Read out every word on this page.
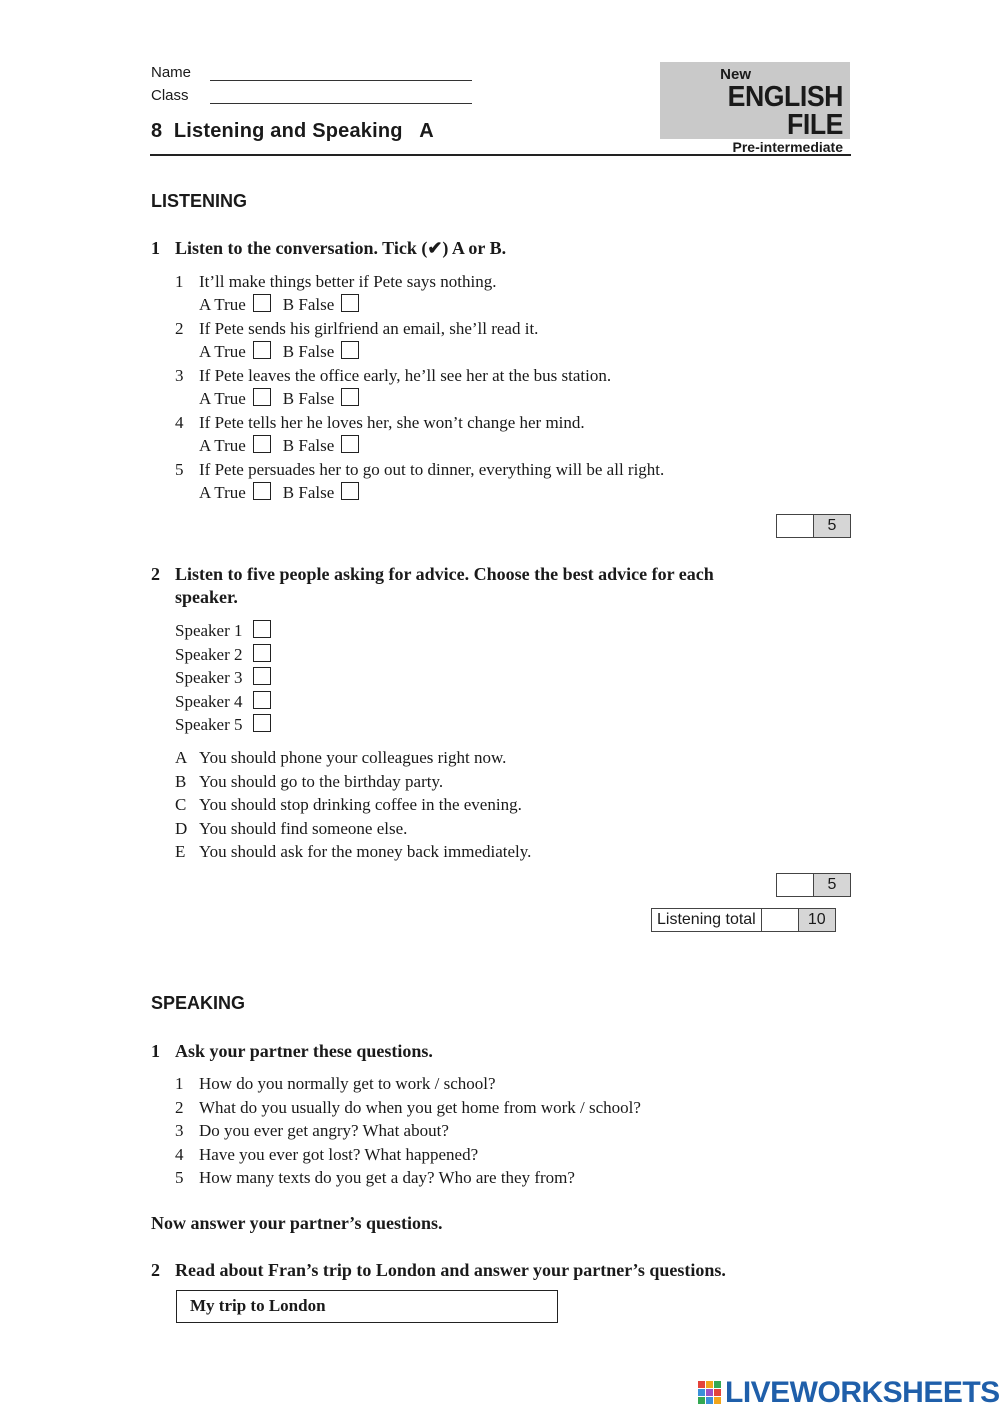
Name
Class
8  Listening and Speaking   A
New
ENGLISH FILE
Pre-intermediate
LISTENING
1 Listen to the conversation. Tick (✔) A or B.
1 It’ll make things better if Pete says nothing.
A True B False
2 If Pete sends his girlfriend an email, she’ll read it.
A True B False
3 If Pete leaves the office early, he’ll see her at the bus station.
A True B False
4 If Pete tells her he loves her, she won’t change her mind.
A True B False
5 If Pete persuades her to go out to dinner, everything will be all right.
A True B False
5
2 Listen to five people asking for advice. Choose the best advice for each
speaker.
Speaker 1
Speaker 2
Speaker 3
Speaker 4
Speaker 5
A You should phone your colleagues right now.
B You should go to the birthday party.
C You should stop drinking coffee in the evening.
D You should find someone else.
E You should ask for the money back immediately.
5
Listening total	10
SPEAKING
1 Ask your partner these questions.
1 How do you normally get to work / school?
2 What do you usually do when you get home from work / school?
3 Do you ever get angry? What about?
4 Have you ever got lost? What happened?
5 How many texts do you get a day? Who are they from?
Now answer your partner’s questions.
2 Read about Fran’s trip to London and answer your partner’s questions.
My trip to London
LIVEWORKSHEETS
